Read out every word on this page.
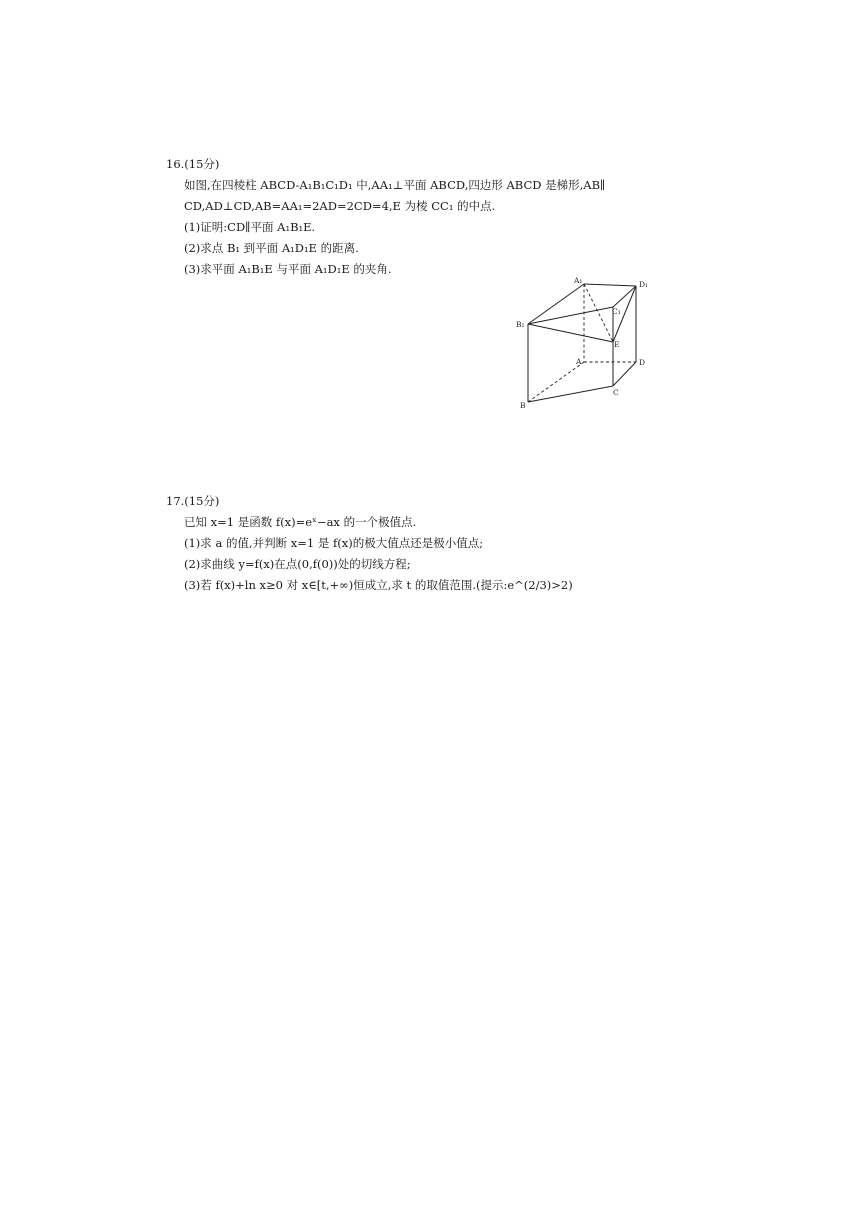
16.(15分)
如图,在四棱柱 ABCD-A₁B₁C₁D₁ 中,AA₁⊥平面 ABCD,四边形 ABCD 是梯形,AB∥
CD,AD⊥CD,AB=AA₁=2AD=2CD=4,E 为棱 CC₁ 的中点.
(1)证明:CD∥平面 A₁B₁E.
(2)求点 B₁ 到平面 A₁D₁E 的距离.
(3)求平面 A₁B₁E 与平面 A₁D₁E 的夹角.
A₁	D₁
C₁
B₁
E
A	D
C
B
17.(15分)
已知 x=1 是函数 f(x)=eˣ−ax 的一个极值点.
(1)求 a 的值,并判断 x=1 是 f(x)的极大值点还是极小值点;
(2)求曲线 y=f(x)在点(0,f(0))处的切线方程;
(3)若 f(x)+ln x≥0 对 x∈[t,+∞)恒成立,求 t 的取值范围.(提示:e^(2/3)>2)
